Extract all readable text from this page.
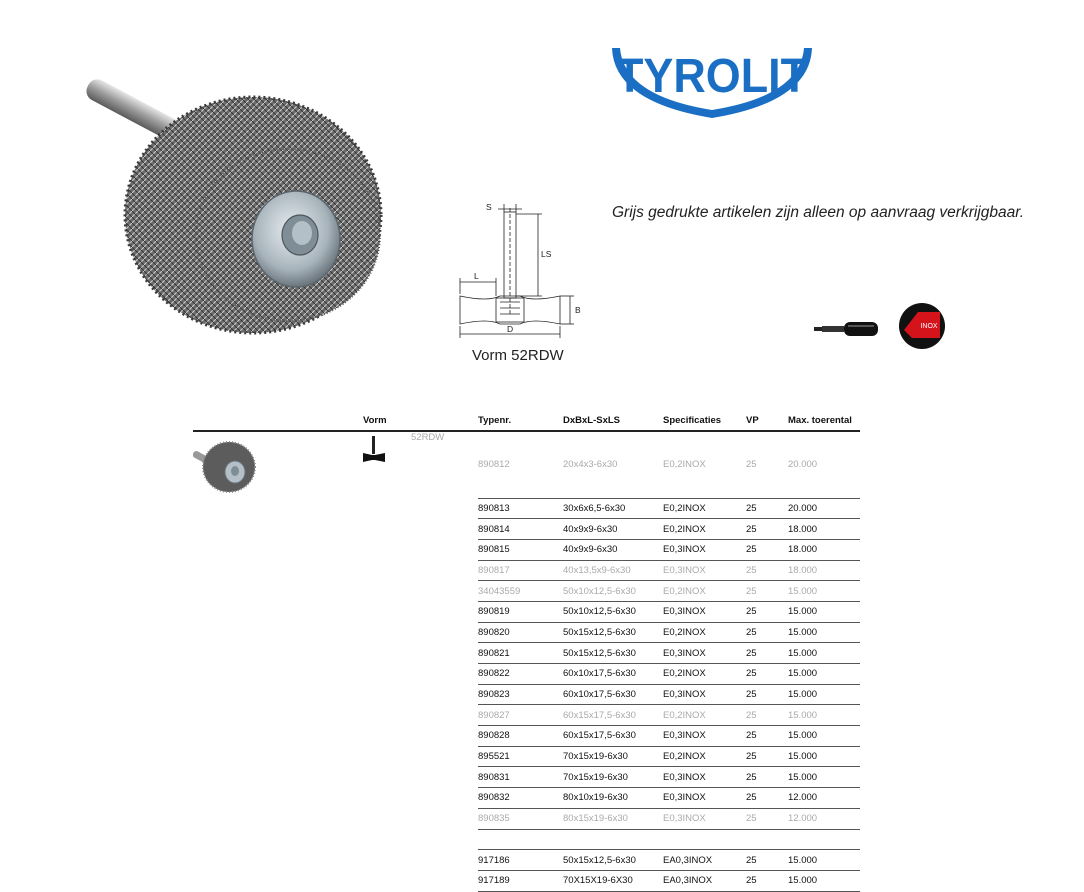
TYROLIT
Grijs gedrukte artikelen zijn alleen op aanvraag verkrijgbaar.
S
LS
L
B
D
Vorm 52RDW
INOX
	Vorm		Typenr.	DxBxL-SxLS	Specificaties	VP	Max. toerental

	52RDW	890812	20x4x3-6x30	E0,2INOX	25	20.000
			890813	30x6x6,5-6x30	E0,2INOX	25	20.000
			890814	40x9x9-6x30	E0,2INOX	25	18.000
			890815	40x9x9-6x30	E0,3INOX	25	18.000
			890817	40x13,5x9-6x30	E0,3INOX	25	18.000
			34043559	50x10x12,5-6x30	E0,2INOX	25	15.000
			890819	50x10x12,5-6x30	E0,3INOX	25	15.000
			890820	50x15x12,5-6x30	E0,2INOX	25	15.000
			890821	50x15x12,5-6x30	E0,3INOX	25	15.000
			890822	60x10x17,5-6x30	E0,2INOX	25	15.000
			890823	60x10x17,5-6x30	E0,3INOX	25	15.000
			890827	60x15x17,5-6x30	E0,2INOX	25	15.000
			890828	60x15x17,5-6x30	E0,3INOX	25	15.000
			895521	70x15x19-6x30	E0,2INOX	25	15.000
			890831	70x15x19-6x30	E0,3INOX	25	15.000
			890832	80x10x19-6x30	E0,3INOX	25	12.000
			890835	80x15x19-6x30	E0,3INOX	25	12.000

			917186	50x15x12,5-6x30	EA0,3INOX	25	15.000
			917189	70X15X19-6X30	EA0,3INOX	25	15.000
